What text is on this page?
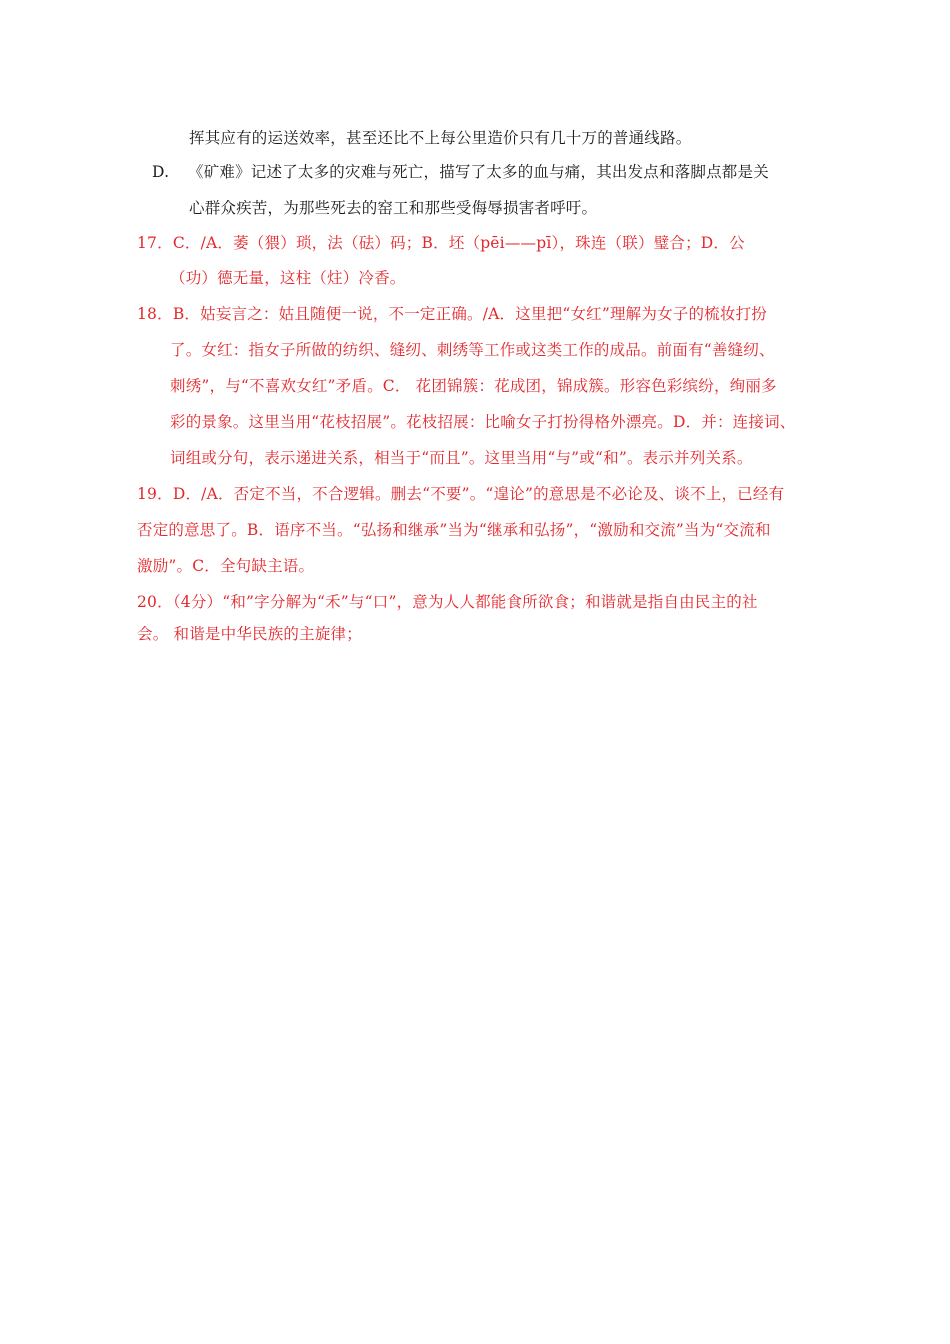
挥其应有的运送效率，甚至还比不上每公里造价只有几十万的普通线路。
D. 《矿难》记述了太多的灾难与死亡，描写了太多的血与痛，其出发点和落脚点都是关
心群众疾苦，为那些死去的窑工和那些受侮辱损害者呼吁。
17．C．/A．萎（猥）琐，法（砝）码；B．坯（pēi——pī），珠连（联）璧合；D．公
（功）德无量，这柱（炷）冷香。
18．B．姑妄言之：姑且随便一说，不一定正确。/A．这里把“女红”理解为女子的梳妆打扮
了。女红：指女子所做的纺织、缝纫、刺绣等工作或这类工作的成品。前面有“善缝纫、
刺绣”，与“不喜欢女红”矛盾。C． 花团锦簇：花成团，锦成簇。形容色彩缤纷，绚丽多
彩的景象。这里当用“花枝招展”。花枝招展：比喻女子打扮得格外漂亮。D．并：连接词、
词组或分句，表示递进关系，相当于“而且”。这里当用“与”或“和”。表示并列关系。
19．D．/A．否定不当，不合逻辑。删去“不要”。“遑论”的意思是不必论及、谈不上，已经有
否定的意思了。B．语序不当。“弘扬和继承”当为“继承和弘扬”，“激励和交流”当为“交流和
激励”。C．全句缺主语。
20．（4分）“和”字分解为“禾”与“口”，意为人人都能食所欲食；和谐就是指自由民主的社
会。 和谐是中华民族的主旋律；
